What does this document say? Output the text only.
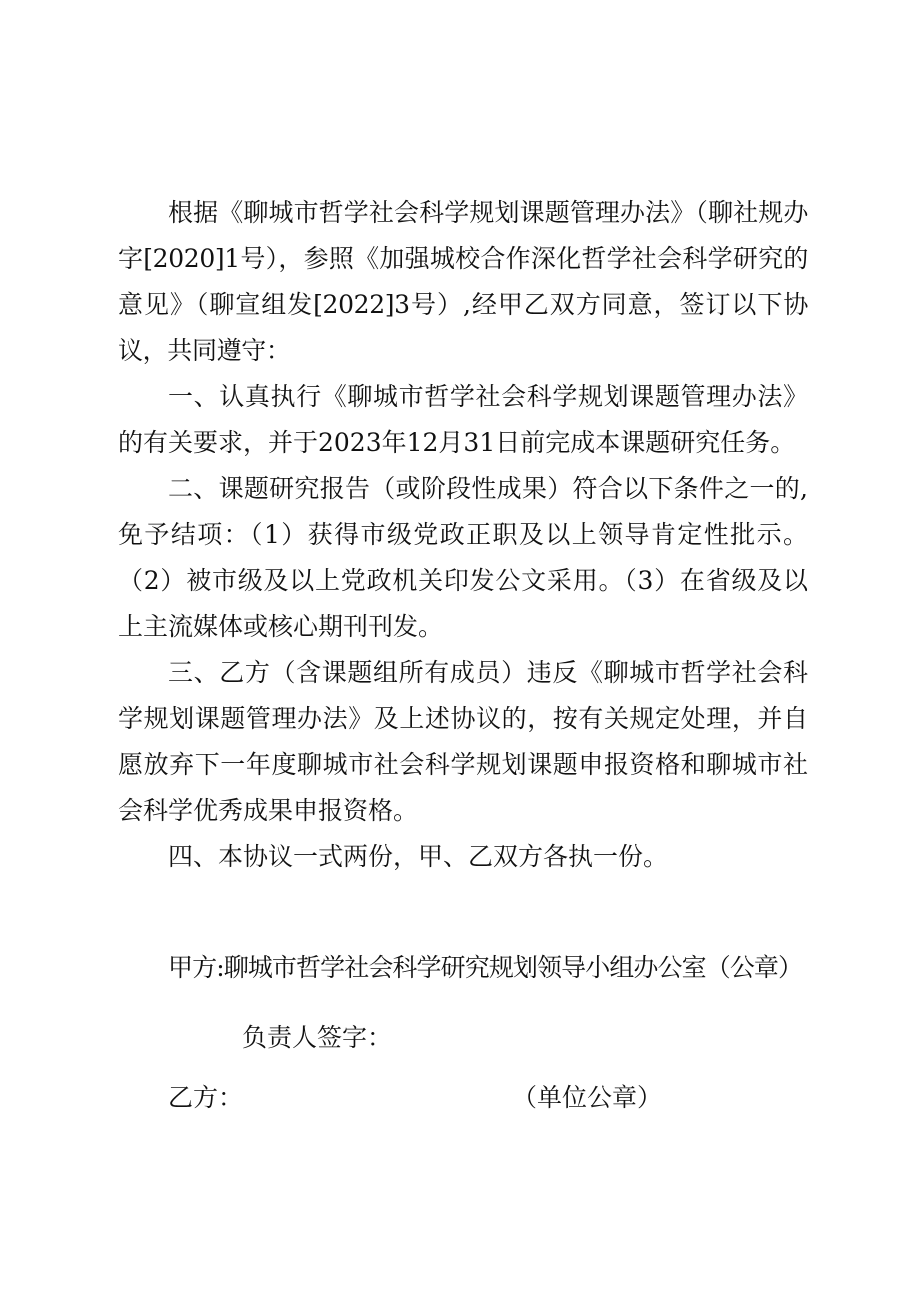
根据《聊城市哲学社会科学规划课题管理办法》（聊社规办字[2020]1号），参照《加强城校合作深化哲学社会科学研究的意见》（聊宣组发[2022]3号）,经甲乙双方同意，签订以下协议，共同遵守：

一、认真执行《聊城市哲学社会科学规划课题管理办法》的有关要求，并于2023年12月31日前完成本课题研究任务。

二、课题研究报告（或阶段性成果）符合以下条件之一的,免予结项：（1）获得市级党政正职及以上领导肯定性批示。（2）被市级及以上党政机关印发公文采用。（3）在省级及以上主流媒体或核心期刊刊发。

三、乙方（含课题组所有成员）违反《聊城市哲学社会科学规划课题管理办法》及上述协议的，按有关规定处理，并自愿放弃下一年度聊城市社会科学规划课题申报资格和聊城市社会科学优秀成果申报资格。

四、本协议一式两份，甲、乙双方各执一份。

甲方:聊城市哲学社会科学研究规划领导小组办公室（公章）

负责人签字：

乙方：	（单位公章）
